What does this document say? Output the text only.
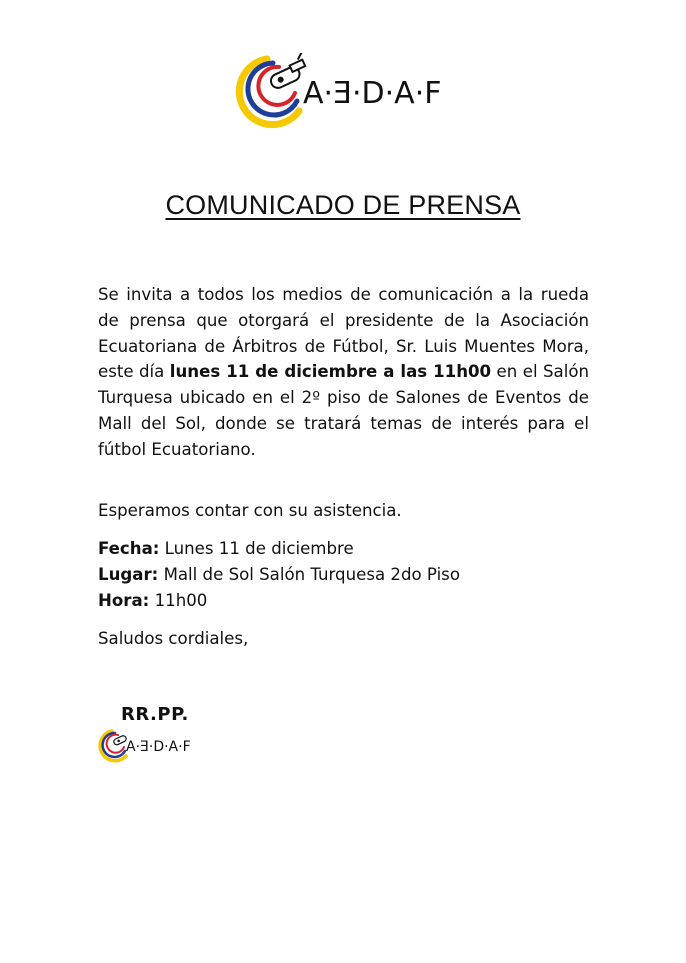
A·Ǝ·D·A·F
COMUNICADO DE PRENSA

Se invita a todos los medios de comunicación a la rueda de prensa que otorgará el presidente de la Asociación Ecuatoriana de Árbitros de Fútbol, Sr. Luis Muentes Mora, este día lunes 11 de diciembre a las 11h00 en el Salón Turquesa ubicado en el 2º piso de Salones de Eventos de Mall del Sol, donde se tratará temas de interés para el fútbol Ecuatoriano.

Esperamos contar con su asistencia.
Fecha: Lunes 11 de diciembre
Lugar: Mall de Sol Salón Turquesa 2do Piso
Hora: 11h00
Saludos cordiales,
RR.PP.
A·Ǝ·D·A·F
